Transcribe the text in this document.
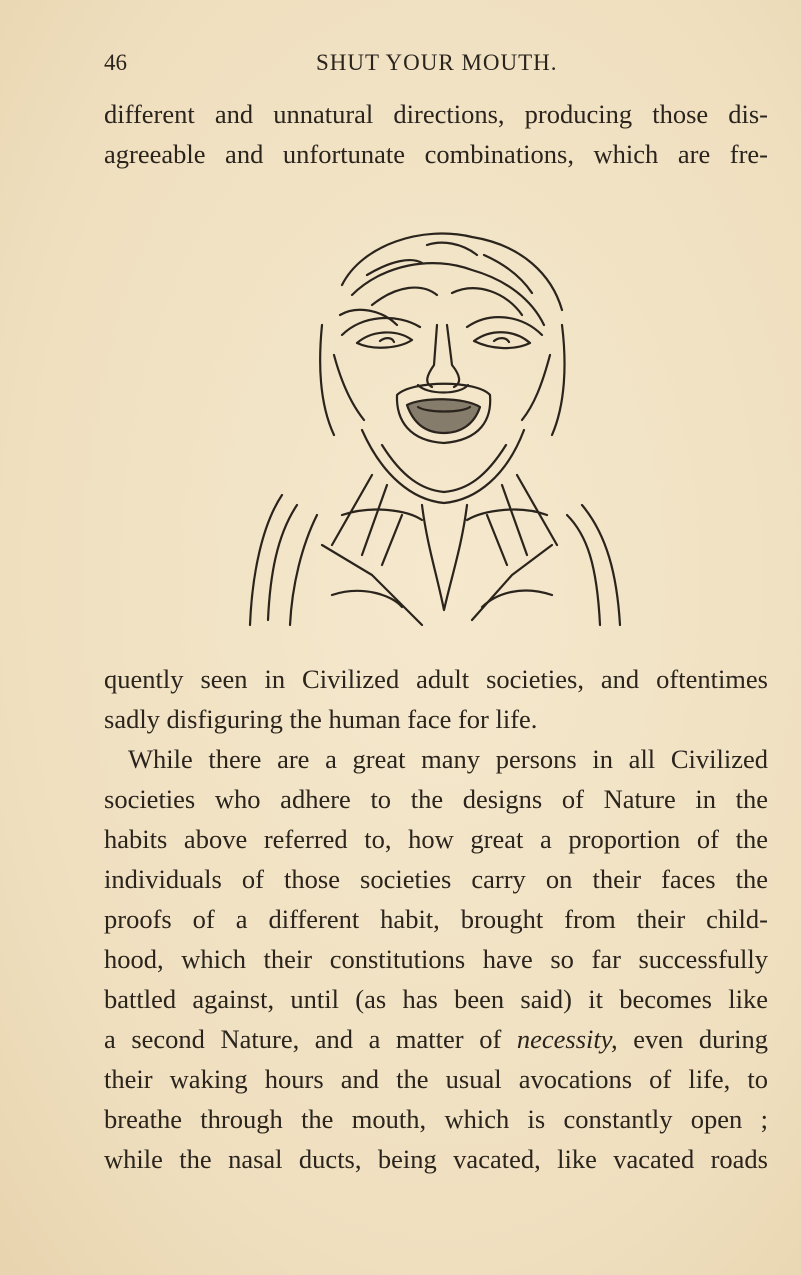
46	SHUT YOUR MOUTH.
different and unnatural directions, producing those dis-
agreeable and unfortunate combinations, which are fre-
quently seen in Civilized adult societies, and oftentimes
sadly disfiguring the human face for life.
While there are a great many persons in all Civilized
societies who adhere to the designs of Nature in the
habits above referred to, how great a proportion of the
individuals of those societies carry on their faces the
proofs of a different habit, brought from their child-
hood, which their constitutions have so far successfully
battled against, until (as has been said) it becomes like
a second Nature, and a matter of necessity, even during
their waking hours and the usual avocations of life, to
breathe through the mouth, which is constantly open ;
while the nasal ducts, being vacated, like vacated roads
